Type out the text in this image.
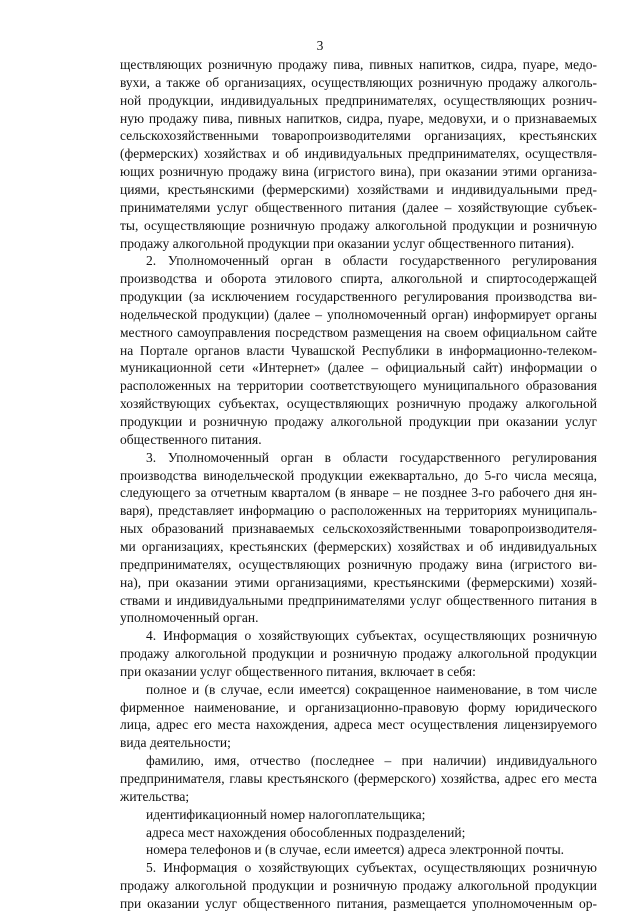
3
ществляющих розничную продажу пива, пивных напитков, сидра, пуаре, медо-
вухи, а также об организациях, осуществляющих розничную продажу алкоголь-
ной продукции, индивидуальных предпринимателях, осуществляющих рознич-
ную продажу пива, пивных напитков, сидра, пуаре, медовухи, и о признаваемых
сельскохозяйственными товаропроизводителями организациях, крестьянских
(фермерских) хозяйствах и об индивидуальных предпринимателях, осуществля-
ющих розничную продажу вина (игристого вина), при оказании этими организа-
циями, крестьянскими (фермерскими) хозяйствами и индивидуальными пред-
принимателями услуг общественного питания (далее – хозяйствующие субъек-
ты, осуществляющие розничную продажу алкогольной продукции и розничную
продажу алкогольной продукции при оказании услуг общественного питания).
2. Уполномоченный орган в области государственного регулирования
производства и оборота этилового спирта, алкогольной и спиртосодержащей
продукции (за исключением государственного регулирования производства ви-
нодельческой продукции) (далее – уполномоченный орган) информирует органы
местного самоуправления посредством размещения на своем официальном сайте
на Портале органов власти Чувашской Республики в информационно-телеком-
муникационной сети «Интернет» (далее – официальный сайт) информации о
расположенных на территории соответствующего муниципального образования
хозяйствующих субъектах, осуществляющих розничную продажу алкогольной
продукции и розничную продажу алкогольной продукции при оказании услуг
общественного питания.
3. Уполномоченный орган в области государственного регулирования
производства винодельческой продукции ежеквартально, до 5-го числа месяца,
следующего за отчетным кварталом (в январе – не позднее 3-го рабочего дня ян-
варя), представляет информацию о расположенных на территориях муниципаль-
ных образований признаваемых сельскохозяйственными товаропроизводителя-
ми организациях, крестьянских (фермерских) хозяйствах и об индивидуальных
предпринимателях, осуществляющих розничную продажу вина (игристого ви-
на), при оказании этими организациями, крестьянскими (фермерскими) хозяй-
ствами и индивидуальными предпринимателями услуг общественного питания в
уполномоченный орган.
4. Информация о хозяйствующих субъектах, осуществляющих розничную
продажу алкогольной продукции и розничную продажу алкогольной продукции
при оказании услуг общественного питания, включает в себя:
полное и (в случае, если имеется) сокращенное наименование, в том числе
фирменное наименование, и организационно-правовую форму юридического
лица, адрес его места нахождения, адреса мест осуществления лицензируемого
вида деятельности;
фамилию, имя, отчество (последнее – при наличии) индивидуального
предпринимателя, главы крестьянского (фермерского) хозяйства, адрес его места
жительства;
идентификационный номер налогоплательщика;
адреса мест нахождения обособленных подразделений;
номера телефонов и (в случае, если имеется) адреса электронной почты.
5. Информация о хозяйствующих субъектах, осуществляющих розничную
продажу алкогольной продукции и розничную продажу алкогольной продукции
при оказании услуг общественного питания, размещается уполномоченным ор-
